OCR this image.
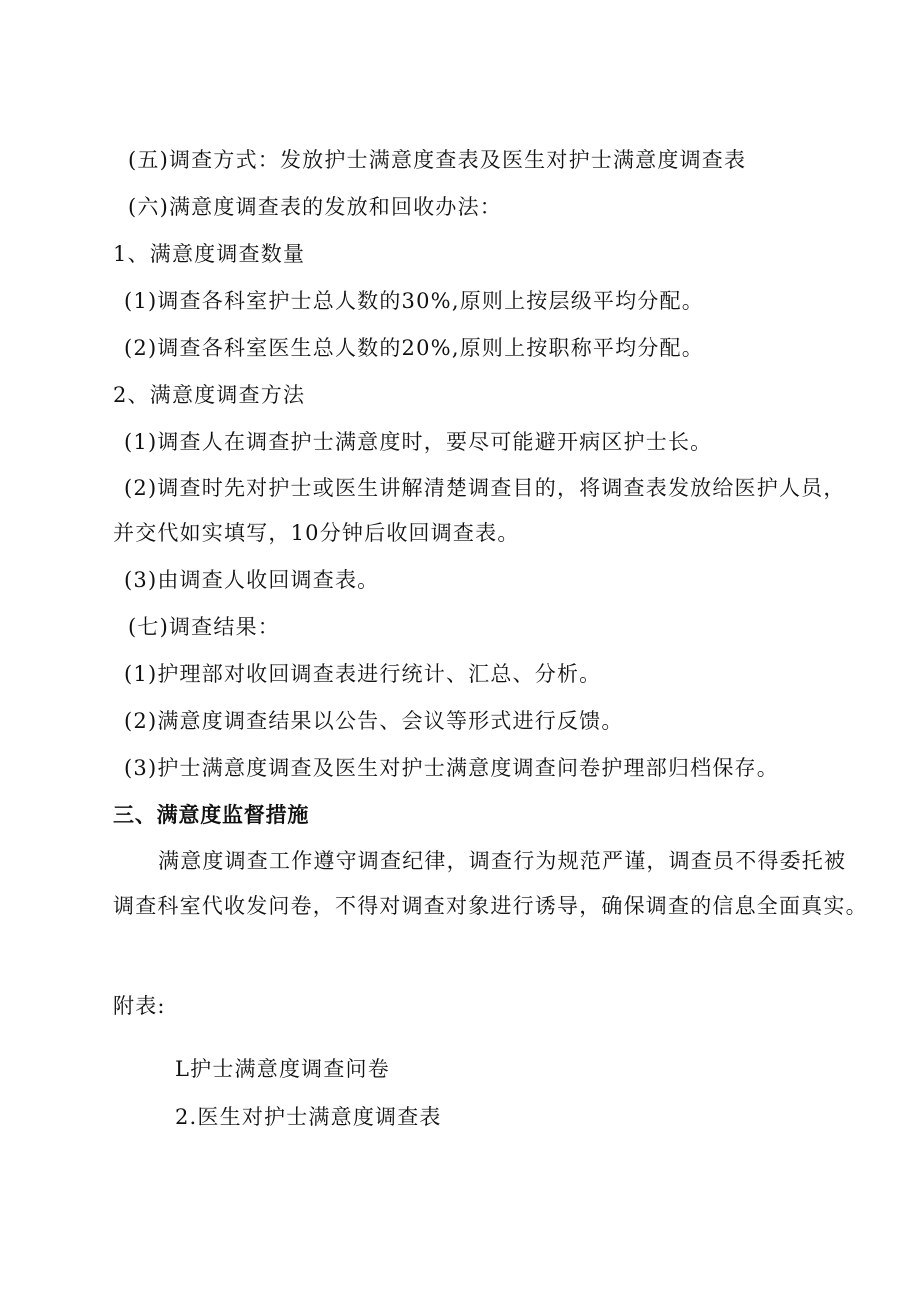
(五)调查方式：发放护士满意度查表及医生对护士满意度调查表
(六)满意度调查表的发放和回收办法：
1、满意度调查数量
(1)调查各科室护士总人数的30%,原则上按层级平均分配。
(2)调查各科室医生总人数的20%,原则上按职称平均分配。
2、满意度调查方法
(1)调查人在调查护士满意度时，要尽可能避开病区护士长。
(2)调查时先对护士或医生讲解清楚调查目的，将调查表发放给医护人员，
并交代如实填写，10分钟后收回调查表。
(3)由调查人收回调查表。
(七)调查结果：
(1)护理部对收回调查表进行统计、汇总、分析。
(2)满意度调查结果以公告、会议等形式进行反馈。
(3)护士满意度调查及医生对护士满意度调查问卷护理部归档保存。
三、满意度监督措施
满意度调查工作遵守调查纪律，调查行为规范严谨，调查员不得委托被
调查科室代收发问卷，不得对调查对象进行诱导，确保调查的信息全面真实。
附表:
L护士满意度调查问卷
2.医生对护士满意度调查表
